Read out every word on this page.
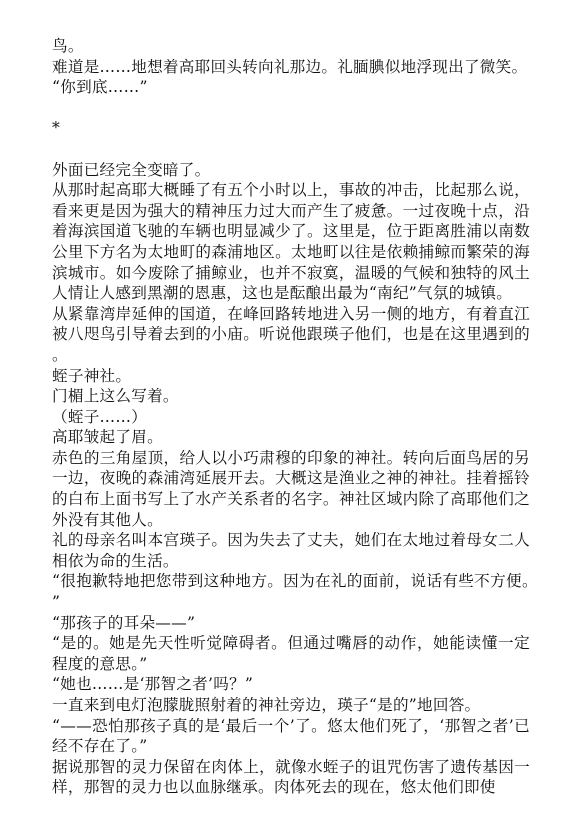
鸟。

难道是……地想着高耶回头转向礼那边。礼腼腆似地浮现出了微笑。

“你到底……”

*

外面已经完全变暗了。

从那时起高耶大概睡了有五个小时以上，事故的冲击，比起那么说，看来更是因为强大的精神压力过大而产生了疲惫。一过夜晚十点，沿着海滨国道飞驰的车辆也明显减少了。这里是，位于距离胜浦以南数公里下方名为太地町的森浦地区。太地町以往是依赖捕鲸而繁荣的海滨城市。如今废除了捕鲸业，也并不寂寞，温暖的气候和独特的风土人情让人感到黑潮的恩惠，这也是酝酿出最为“南纪”气氛的城镇。

从紧靠湾岸延伸的国道，在峰回路转地进入另一侧的地方，有着直江被八咫鸟引导着去到的小庙。听说他跟瑛子他们，也是在这里遇到的。

蛭子神社。

门楣上这么写着。

（蛭子……）

高耶皱起了眉。

赤色的三角屋顶，给人以小巧肃穆的印象的神社。转向后面鸟居的另一边，夜晚的森浦湾延展开去。大概这是渔业之神的神社。挂着摇铃的白布上面书写上了水产关系者的名字。神社区域内除了高耶他们之外没有其他人。

礼的母亲名叫本宫瑛子。因为失去了丈夫，她们在太地过着母女二人相依为命的生活。

“很抱歉特地把您带到这种地方。因为在礼的面前，说话有些不方便。”

“那孩子的耳朵——”

“是的。她是先天性听觉障碍者。但通过嘴唇的动作，她能读懂一定程度的意思。”

“她也……是‘那智之者’吗？”

一直来到电灯泡朦胧照射着的神社旁边，瑛子“是的”地回答。

“——恐怕那孩子真的是‘最后一个’了。悠太他们死了，‘那智之者’已经不存在了。”

据说那智的灵力保留在肉体上，就像水蛭子的诅咒伤害了遗传基因一样，那智的灵力也以血脉继承。肉体死去的现在，悠太他们即使
